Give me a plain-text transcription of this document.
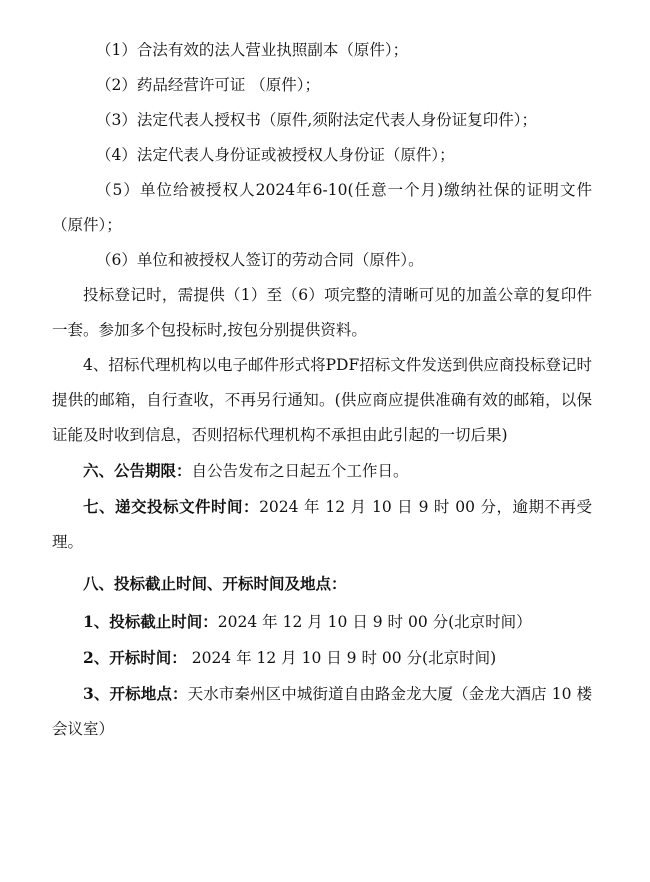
（1）合法有效的法人营业执照副本（原件）；

（2）药品经营许可证 （原件）；

（3）法定代表人授权书（原件,须附法定代表人身份证复印件）；

（4）法定代表人身份证或被授权人身份证（原件）；

（5）单位给被授权人2024年6-10(任意一个月)缴纳社保的证明文件（原件）；

（6）单位和被授权人签订的劳动合同（原件）。

投标登记时，需提供（1）至（6）项完整的清晰可见的加盖公章的复印件一套。参加多个包投标时,按包分别提供资料。

4、招标代理机构以电子邮件形式将PDF招标文件发送到供应商投标登记时提供的邮箱，自行查收，不再另行通知。(供应商应提供准确有效的邮箱，以保证能及时收到信息，否则招标代理机构不承担由此引起的一切后果)

六、公告期限：自公告发布之日起五个工作日。

七、递交投标文件时间：2024 年 12 月 10 日 9 时 00 分，逾期不再受理。

八、投标截止时间、开标时间及地点：

1、投标截止时间：2024 年 12 月 10 日 9 时 00 分(北京时间）

2、开标时间： 2024 年 12 月 10 日 9 时 00 分(北京时间)

3、开标地点：天水市秦州区中城街道自由路金龙大厦（金龙大酒店 10 楼会议室）
